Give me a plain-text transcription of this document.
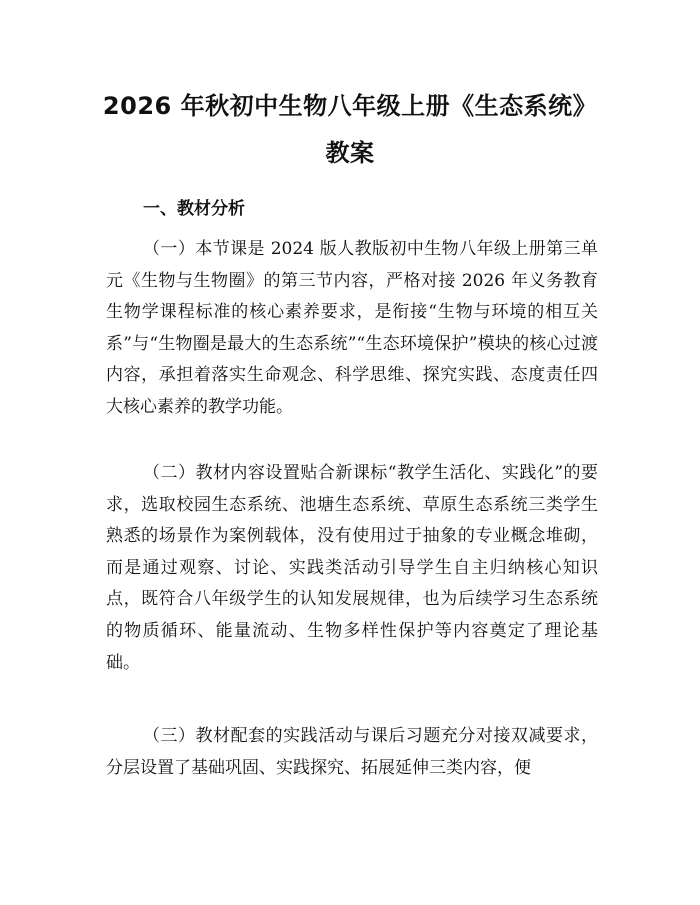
2026 年秋初中生物八年级上册《生态系统》
教案
一、教材分析

（一）本节课是 2024 版人教版初中生物八年级上册第三单元《生物与生物圈》的第三节内容，严格对接 2026 年义务教育生物学课程标准的核心素养要求，是衔接“生物与环境的相互关系”与“生物圈是最大的生态系统”“生态环境保护”模块的核心过渡内容，承担着落实生命观念、科学思维、探究实践、态度责任四大核心素养的教学功能。

（二）教材内容设置贴合新课标“教学生活化、实践化”的要求，选取校园生态系统、池塘生态系统、草原生态系统三类学生熟悉的场景作为案例载体，没有使用过于抽象的专业概念堆砌，而是通过观察、讨论、实践类活动引导学生自主归纳核心知识点，既符合八年级学生的认知发展规律，也为后续学习生态系统的物质循环、能量流动、生物多样性保护等内容奠定了理论基础。

（三）教材配套的实践活动与课后习题充分对接双减要求，分层设置了基础巩固、实践探究、拓展延伸三类内容，便
